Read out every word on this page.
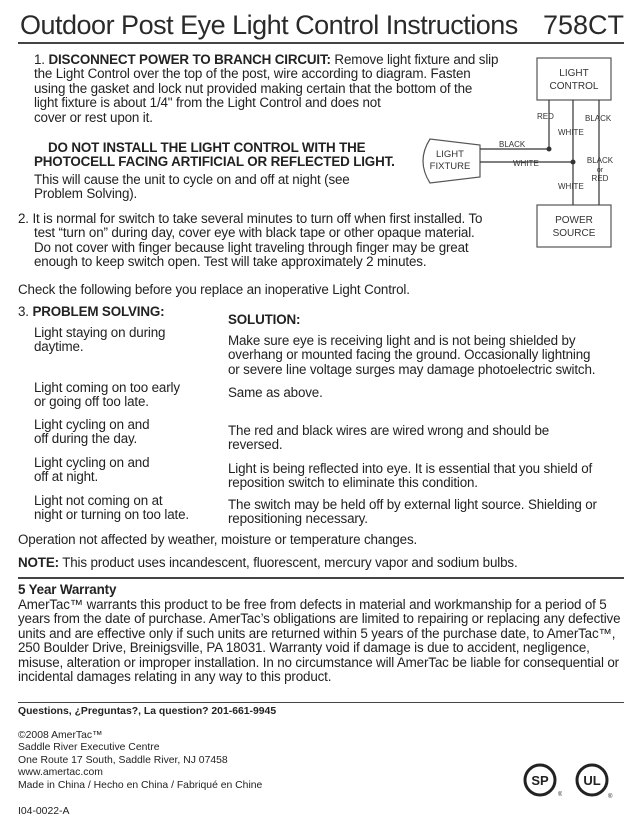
Outdoor Post Eye Light Control Instructions 758CT
1. DISCONNECT POWER TO BRANCH CIRCUIT: Remove light fixture and slip
the Light Control over the top of the post, wire according to diagram. Fasten
using the gasket and lock nut provided making certain that the bottom of the
light fixture is about 1/4" from the Light Control and does not
cover or rest upon it.
DO NOT INSTALL THE LIGHT CONTROL WITH THE
PHOTOCELL FACING ARTIFICIAL OR REFLECTED LIGHT.
This will cause the unit to cycle on and off at night (see
Problem Solving).
LIGHT
CONTROL
POWER
SOURCE
LIGHT
FIXTURE
RED	BLACK
WHITE
BLACK
WHITE	BLACK
or
RED
WHITE
2. It is normal for switch to take several minutes to turn off when first installed. To
test “turn on” during day, cover eye with black tape or other opaque material.
Do not cover with finger because light traveling through finger may be great
enough to keep switch open. Test will take approximately 2 minutes.
Check the following before you replace an inoperative Light Control.
3. PROBLEM SOLVING:
SOLUTION:
Light staying on during
daytime.
Light coming on too early
or going off too late.
Light cycling on and
off during the day.
Light cycling on and
off at night.
Light not coming on at
night or turning on too late.
Make sure eye is receiving light and is not being shielded by
overhang or mounted facing the ground. Occasionally lightning
or severe line voltage surges may damage photoelectric switch.
Same as above.
The red and black wires are wired wrong and should be
reversed.
Light is being reflected into eye. It is essential that you shield of
reposition switch to eliminate this condition.
The switch may be held off by external light source. Shielding or
repositioning necessary.
Operation not affected by weather, moisture or temperature changes.
NOTE: This product uses incandescent, fluorescent, mercury vapor and sodium bulbs.
5 Year Warranty
AmerTac™ warrants this product to be free from defects in material and workmanship for a period of 5
years from the date of purchase. AmerTac’s obligations are limited to repairing or replacing any defective
units and are effective only if such units are returned within 5 years of the purchase date, to AmerTac™,
250 Boulder Drive, Breinigsville, PA 18031. Warranty void if damage is due to accident, negligence,
misuse, alteration or improper installation. In no circumstance will AmerTac be liable for consequential or
incidental damages relating in any way to this product.
Questions, ¿Preguntas?, La question? 201-661-9945
©2008 AmerTac™
Saddle River Executive Centre
One Route 17 South, Saddle River, NJ 07458
www.amertac.com
Made in China / Hecho en China / Fabriqué en Chine
I04-0022-A
SP
®
UL
®
